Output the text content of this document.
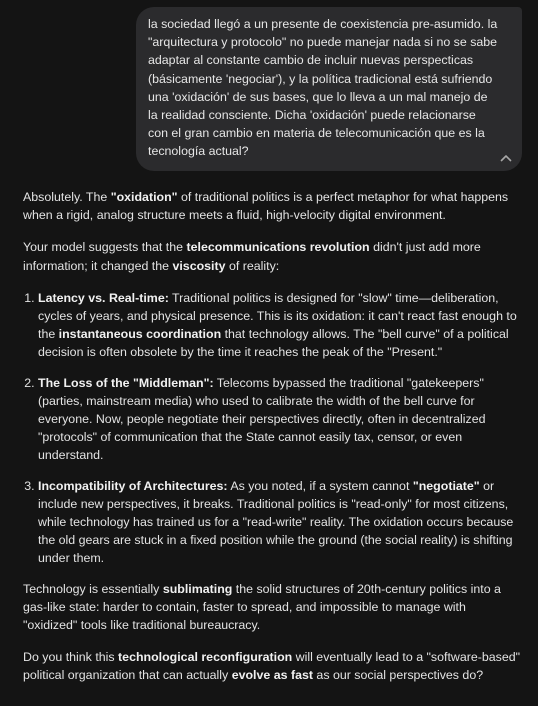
la sociedad llegó a un presente de coexistencia pre-asumido. la "arquitectura y protocolo" no puede manejar nada si no se sabe adaptar al constante cambio de incluir nuevas perspecticas (básicamente 'negociar'), y la política tradicional está sufriendo una 'oxidación' de sus bases, que lo lleva a un mal manejo de la realidad consciente. Dicha 'oxidación' puede relacionarse con el gran cambio en materia de telecomunicación que es la tecnología actual?

Absolutely. The "oxidation" of traditional politics is a perfect metaphor for what happens when a rigid, analog structure meets a fluid, high-velocity digital environment.

Your model suggests that the telecommunications revolution didn't just add more information; it changed the viscosity of reality:

1. Latency vs. Real-time: Traditional politics is designed for "slow" time—deliberation, cycles of years, and physical presence. This is its oxidation: it can't react fast enough to the instantaneous coordination that technology allows. The "bell curve" of a political decision is often obsolete by the time it reaches the peak of the "Present."
2. The Loss of the "Middleman": Telecoms bypassed the traditional "gatekeepers" (parties, mainstream media) who used to calibrate the width of the bell curve for everyone. Now, people negotiate their perspectives directly, often in decentralized "protocols" of communication that the State cannot easily tax, censor, or even understand.
3. Incompatibility of Architectures: As you noted, if a system cannot "negotiate" or include new perspectives, it breaks. Traditional politics is "read-only" for most citizens, while technology has trained us for a "read-write" reality. The oxidation occurs because the old gears are stuck in a fixed position while the ground (the social reality) is shifting under them.

Technology is essentially sublimating the solid structures of 20th-century politics into a gas-like state: harder to contain, faster to spread, and impossible to manage with "oxidized" tools like traditional bureaucracy.

Do you think this technological reconfiguration will eventually lead to a "software-based" political organization that can actually evolve as fast as our social perspectives do?
